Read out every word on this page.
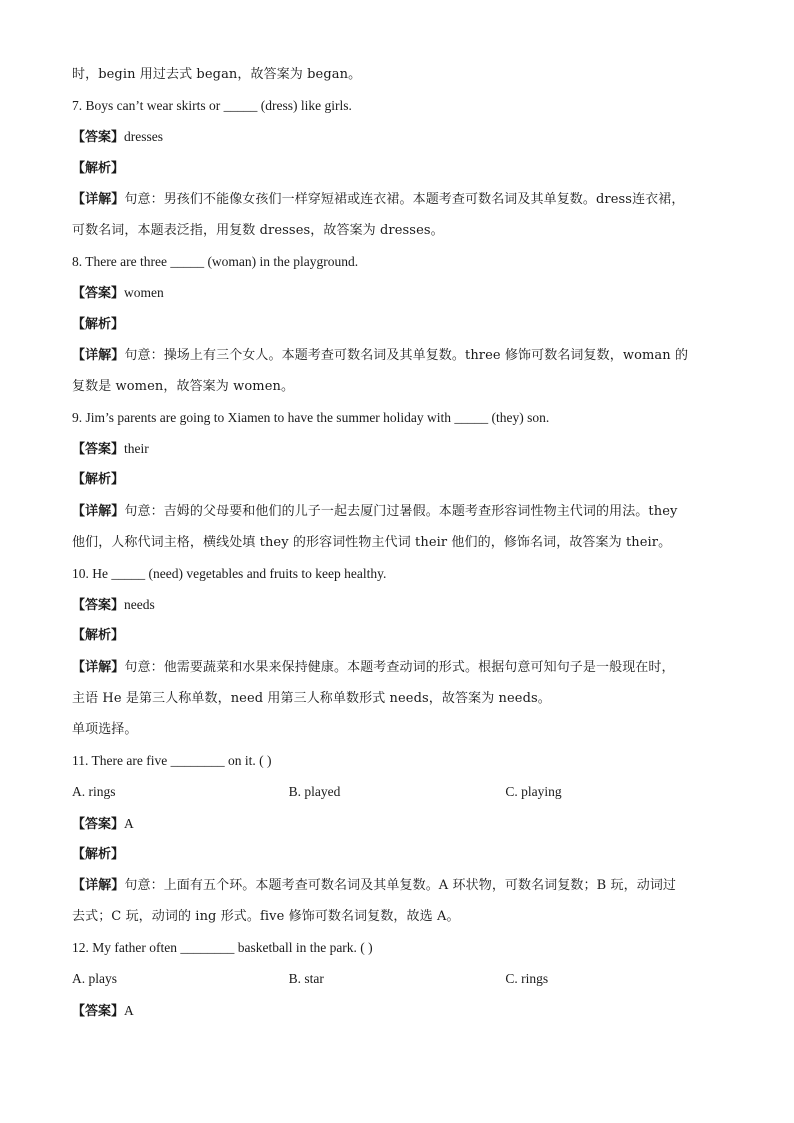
时，begin 用过去式 began，故答案为 began。
7. Boys can’t wear skirts or _____ (dress) like girls.
【答案】dresses
【解析】
【详解】句意：男孩们不能像女孩们一样穿短裙或连衣裙。本题考查可数名词及其单复数。dress连衣裙，
可数名词，本题表泛指，用复数 dresses，故答案为 dresses。
8. There are three _____ (woman) in the playground.
【答案】women
【解析】
【详解】句意：操场上有三个女人。本题考查可数名词及其单复数。three 修饰可数名词复数，woman 的
复数是 women，故答案为 women。
9. Jim’s parents are going to Xiamen to have the summer holiday with _____ (they) son.
【答案】their
【解析】
【详解】句意：吉姆的父母要和他们的儿子一起去厦门过暑假。本题考查形容词性物主代词的用法。they
他们，人称代词主格，横线处填 they 的形容词性物主代词 their 他们的，修饰名词，故答案为 their。
10. He _____ (need) vegetables and fruits to keep healthy.
【答案】needs
【解析】
【详解】句意：他需要蔬菜和水果来保持健康。本题考查动词的形式。根据句意可知句子是一般现在时，
主语 He 是第三人称单数，need 用第三人称单数形式 needs，故答案为 needs。
单项选择。
11. There are five ________ on it. ( )
A. rings	B. played	C. playing
【答案】A
【解析】
【详解】句意：上面有五个环。本题考查可数名词及其单复数。A 环状物，可数名词复数；B 玩，动词过
去式；C 玩，动词的 ing 形式。five 修饰可数名词复数，故选 A。
12. My father often ________ basketball in the park. ( )
A. plays	B. star	C. rings
【答案】A
